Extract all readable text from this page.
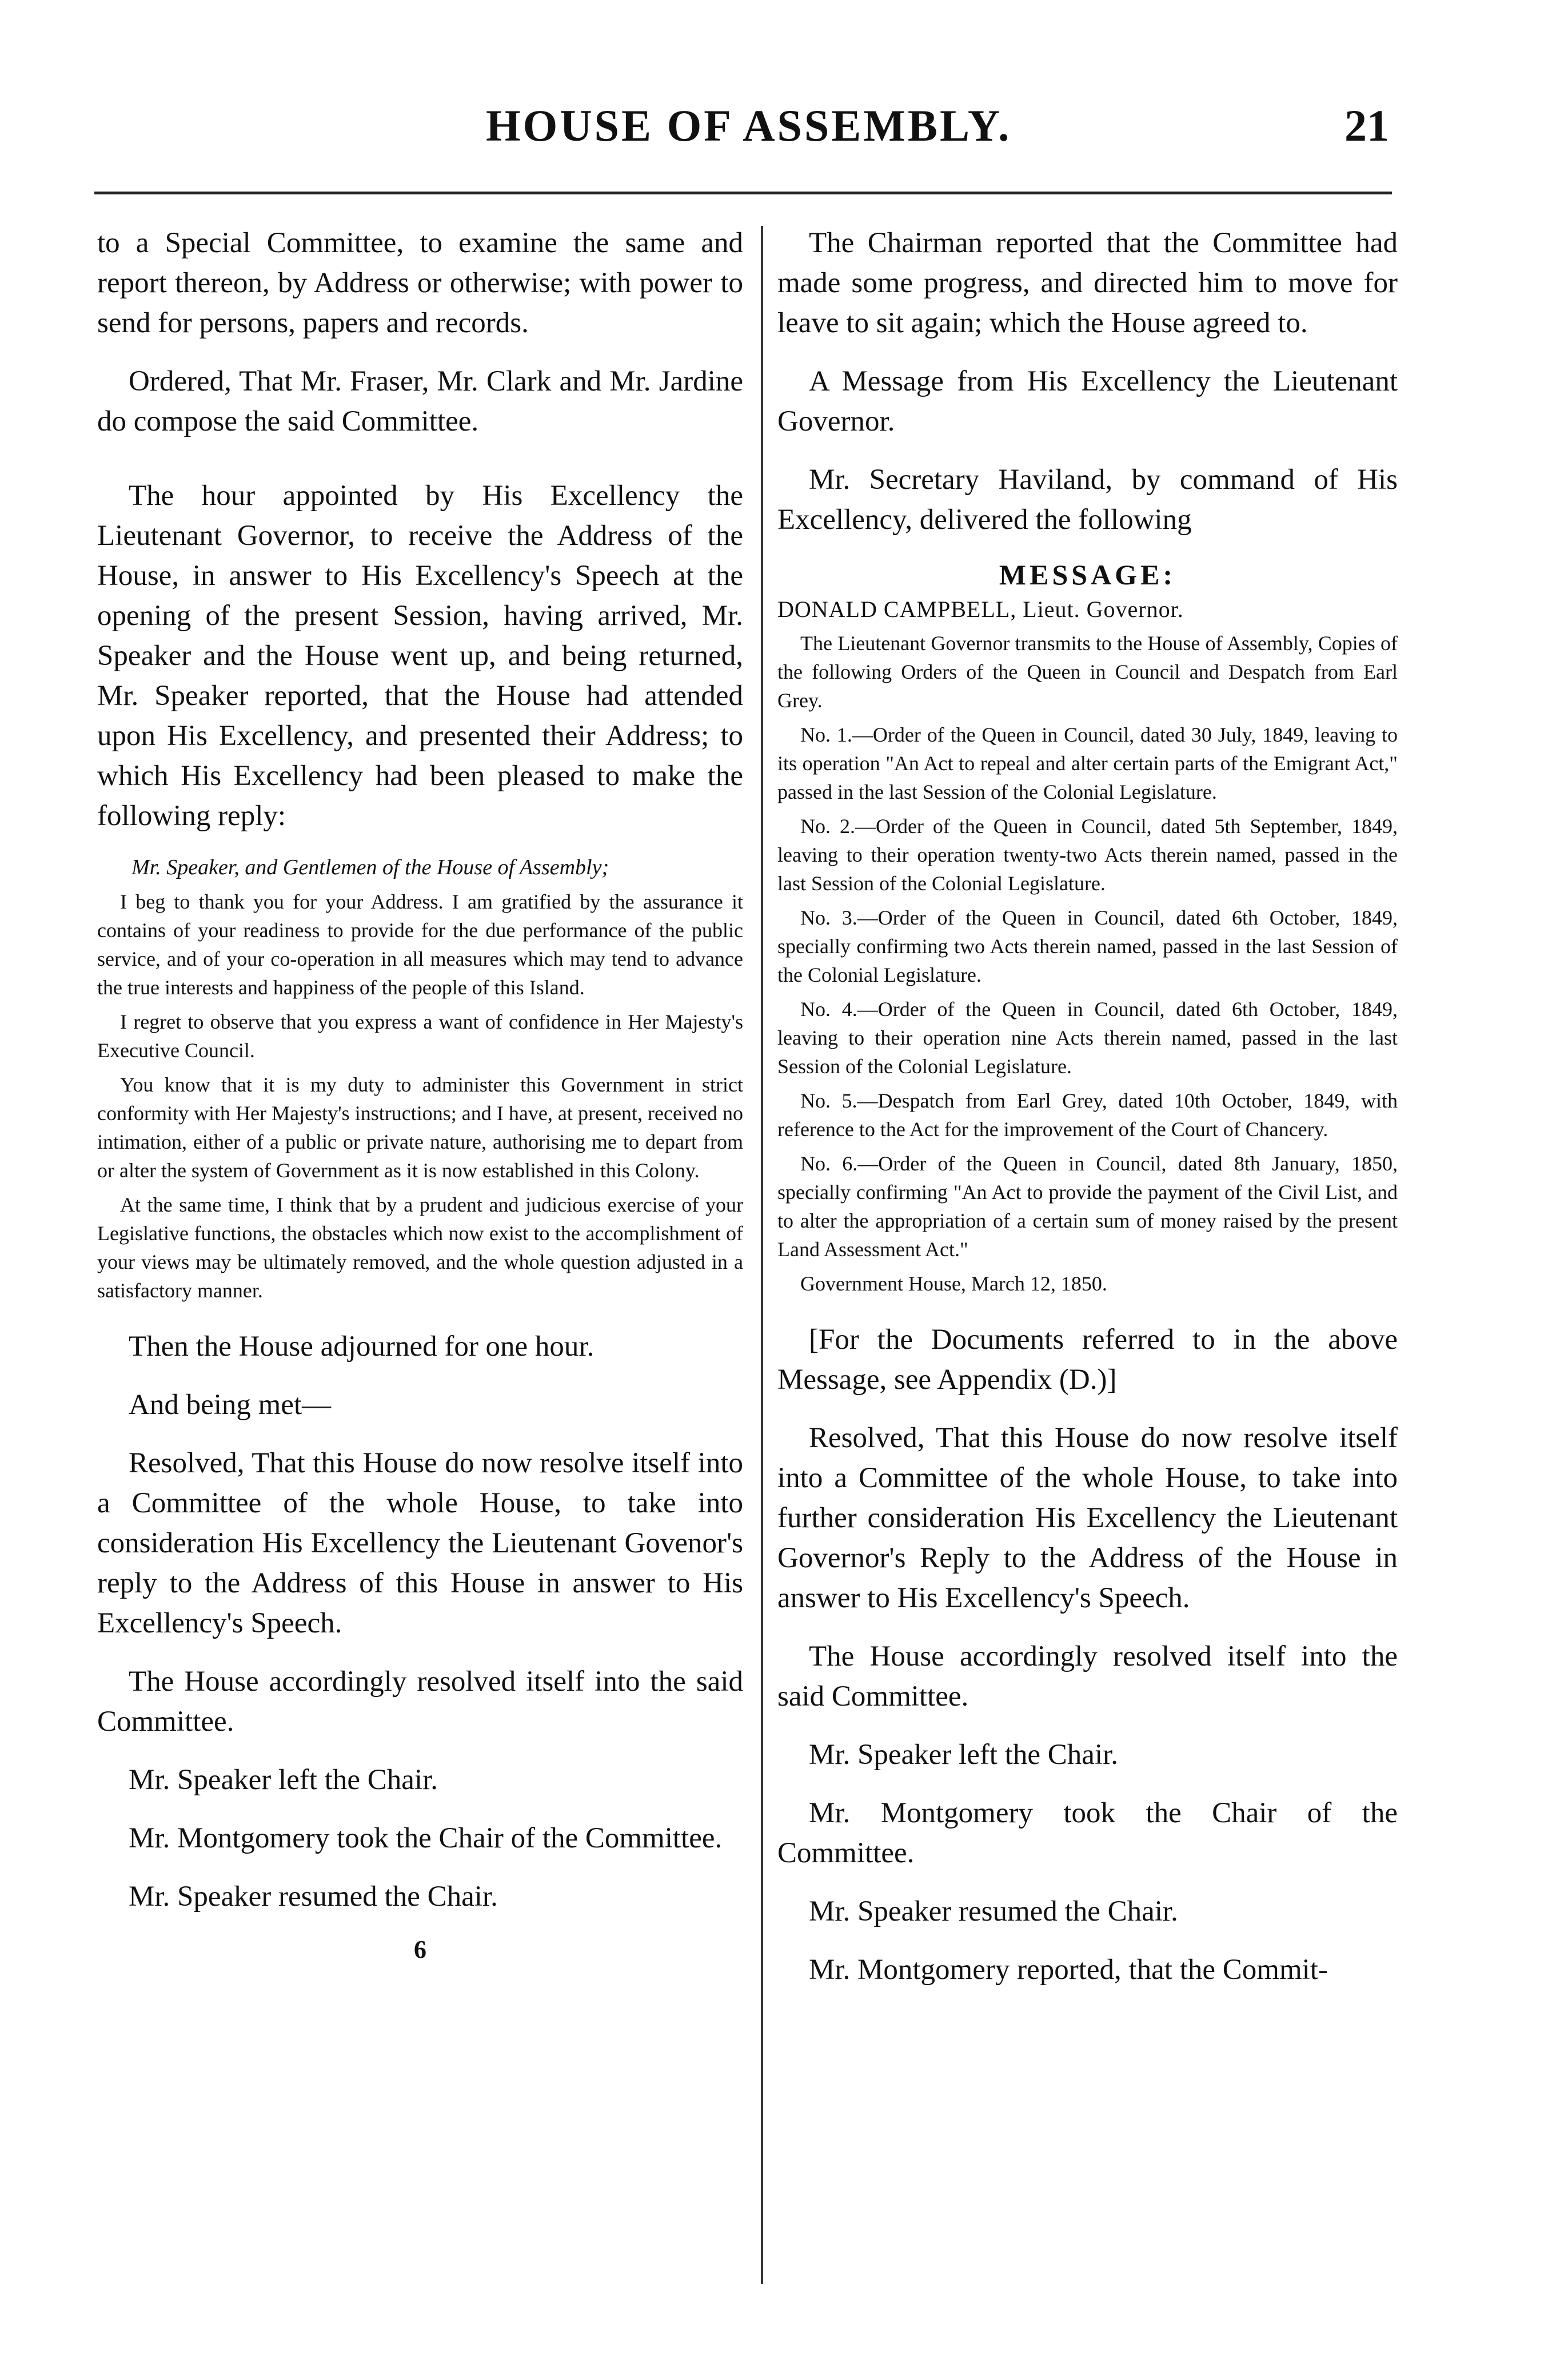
HOUSE OF ASSEMBLY.	21

to a Special Committee, to examine the same and report thereon, by Address or otherwise; with power to send for persons, papers and records.

Ordered, That Mr. Fraser, Mr. Clark and Mr. Jardine do compose the said Committee.

The hour appointed by His Excellency the Lieutenant Governor, to receive the Address of the House, in answer to His Excellency's Speech at the opening of the present Session, having arrived, Mr. Speaker and the House went up, and being returned, Mr. Speaker reported, that the House had attended upon His Excellency, and presented their Address; to which His Excellency had been pleased to make the following reply:

Mr. Speaker, and Gentlemen of the House of Assembly;

I beg to thank you for your Address. I am gratified by the assurance it contains of your readiness to provide for the due performance of the public service, and of your co-operation in all measures which may tend to advance the true interests and happiness of the people of this Island.

I regret to observe that you express a want of confidence in Her Majesty's Executive Council.

You know that it is my duty to administer this Government in strict conformity with Her Majesty's instructions; and I have, at present, received no intimation, either of a public or private nature, authorising me to depart from or alter the system of Government as it is now established in this Colony.

At the same time, I think that by a prudent and judicious exercise of your Legislative functions, the obstacles which now exist to the accomplishment of your views may be ultimately removed, and the whole question adjusted in a satisfactory manner.

Then the House adjourned for one hour.

And being met—

Resolved, That this House do now resolve itself into a Committee of the whole House, to take into consideration His Excellency the Lieutenant Govenor's reply to the Address of this House in answer to His Excellency's Speech.

The House accordingly resolved itself into the said Committee.

Mr. Speaker left the Chair.

Mr. Montgomery took the Chair of the Committee.

Mr. Speaker resumed the Chair.

6

The Chairman reported that the Committee had made some progress, and directed him to move for leave to sit again; which the House agreed to.

A Message from His Excellency the Lieutenant Governor.

Mr. Secretary Haviland, by command of His Excellency, delivered the following

MESSAGE:
DONALD CAMPBELL, Lieut. Governor.

The Lieutenant Governor transmits to the House of Assembly, Copies of the following Orders of the Queen in Council and Despatch from Earl Grey.

No. 1.—Order of the Queen in Council, dated 30 July, 1849, leaving to its operation "An Act to repeal and alter certain parts of the Emigrant Act," passed in the last Session of the Colonial Legislature.

No. 2.—Order of the Queen in Council, dated 5th September, 1849, leaving to their operation twenty-two Acts therein named, passed in the last Session of the Colonial Legislature.

No. 3.—Order of the Queen in Council, dated 6th October, 1849, specially confirming two Acts therein named, passed in the last Session of the Colonial Legislature.

No. 4.—Order of the Queen in Council, dated 6th October, 1849, leaving to their operation nine Acts therein named, passed in the last Session of the Colonial Legislature.

No. 5.—Despatch from Earl Grey, dated 10th October, 1849, with reference to the Act for the improvement of the Court of Chancery.

No. 6.—Order of the Queen in Council, dated 8th January, 1850, specially confirming "An Act to provide the payment of the Civil List, and to alter the appropriation of a certain sum of money raised by the present Land Assessment Act."

Government House, March 12, 1850.

[For the Documents referred to in the above Message, see Appendix (D.)]

Resolved, That this House do now resolve itself into a Committee of the whole House, to take into further consideration His Excellency the Lieutenant Governor's Reply to the Address of the House in answer to His Excellency's Speech.

The House accordingly resolved itself into the said Committee.

Mr. Speaker left the Chair.

Mr. Montgomery took the Chair of the Committee.

Mr. Speaker resumed the Chair.

Mr. Montgomery reported, that the Commit-
